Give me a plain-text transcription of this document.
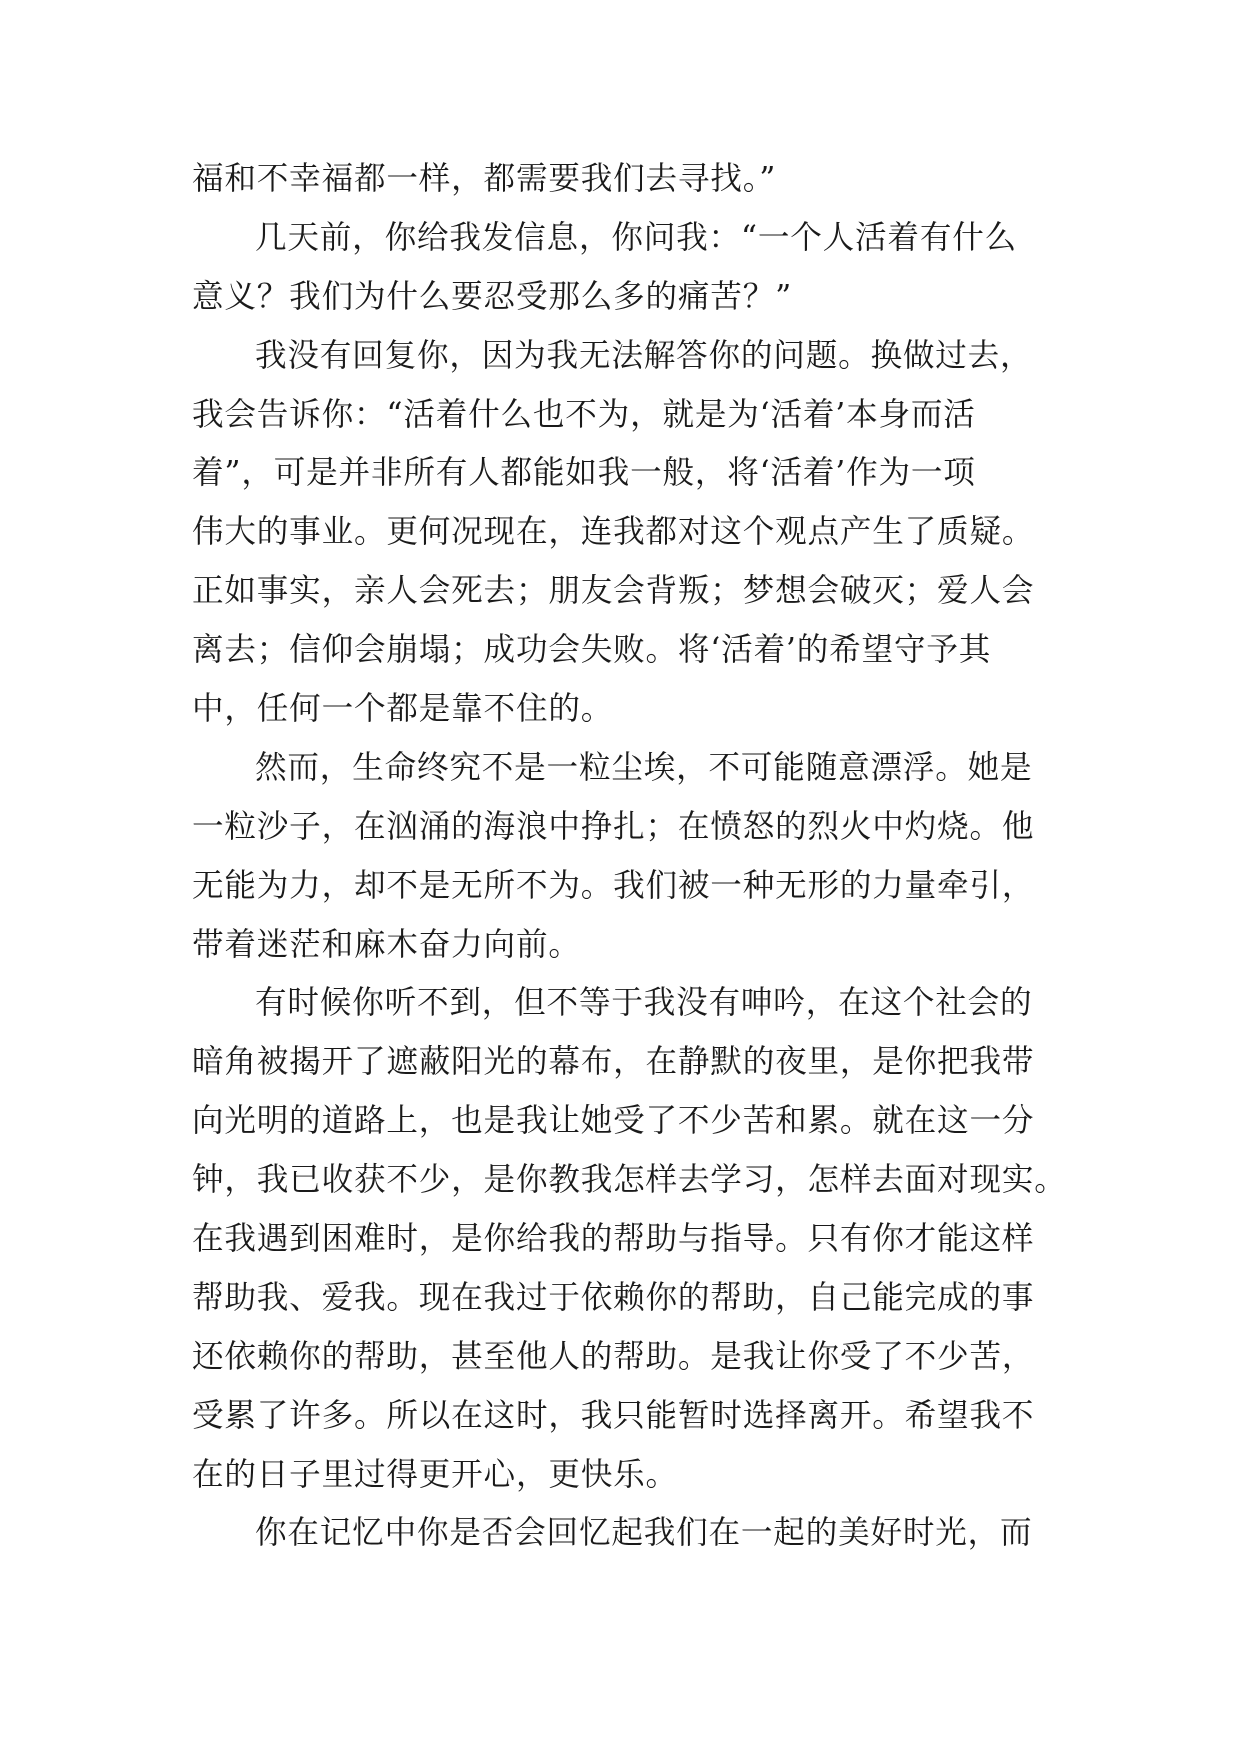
福和不幸福都一样，都需要我们去寻找。”
几天前，你给我发信息，你问我：“一个人活着有什么
意义？我们为什么要忍受那么多的痛苦？”
我没有回复你，因为我无法解答你的问题。换做过去，
我会告诉你：“活着什么也不为，就是为‘活着’本身而活
着”，可是并非所有人都能如我一般，将‘活着’作为一项
伟大的事业。更何况现在，连我都对这个观点产生了质疑。
正如事实，亲人会死去；朋友会背叛；梦想会破灭；爱人会
离去；信仰会崩塌；成功会失败。将‘活着’的希望守予其
中，任何一个都是靠不住的。
然而，生命终究不是一粒尘埃，不可能随意漂浮。她是
一粒沙子，在汹涌的海浪中挣扎；在愤怒的烈火中灼烧。他
无能为力，却不是无所不为。我们被一种无形的力量牵引，
带着迷茫和麻木奋力向前。
有时候你听不到，但不等于我没有呻吟，在这个社会的
暗角被揭开了遮蔽阳光的幕布，在静默的夜里，是你把我带
向光明的道路上，也是我让她受了不少苦和累。就在这一分
钟，我已收获不少，是你教我怎样去学习，怎样去面对现实。
在我遇到困难时，是你给我的帮助与指导。只有你才能这样
帮助我、爱我。现在我过于依赖你的帮助，自己能完成的事
还依赖你的帮助，甚至他人的帮助。是我让你受了不少苦，
受累了许多。所以在这时，我只能暂时选择离开。希望我不
在的日子里过得更开心，更快乐。
你在记忆中你是否会回忆起我们在一起的美好时光，而
